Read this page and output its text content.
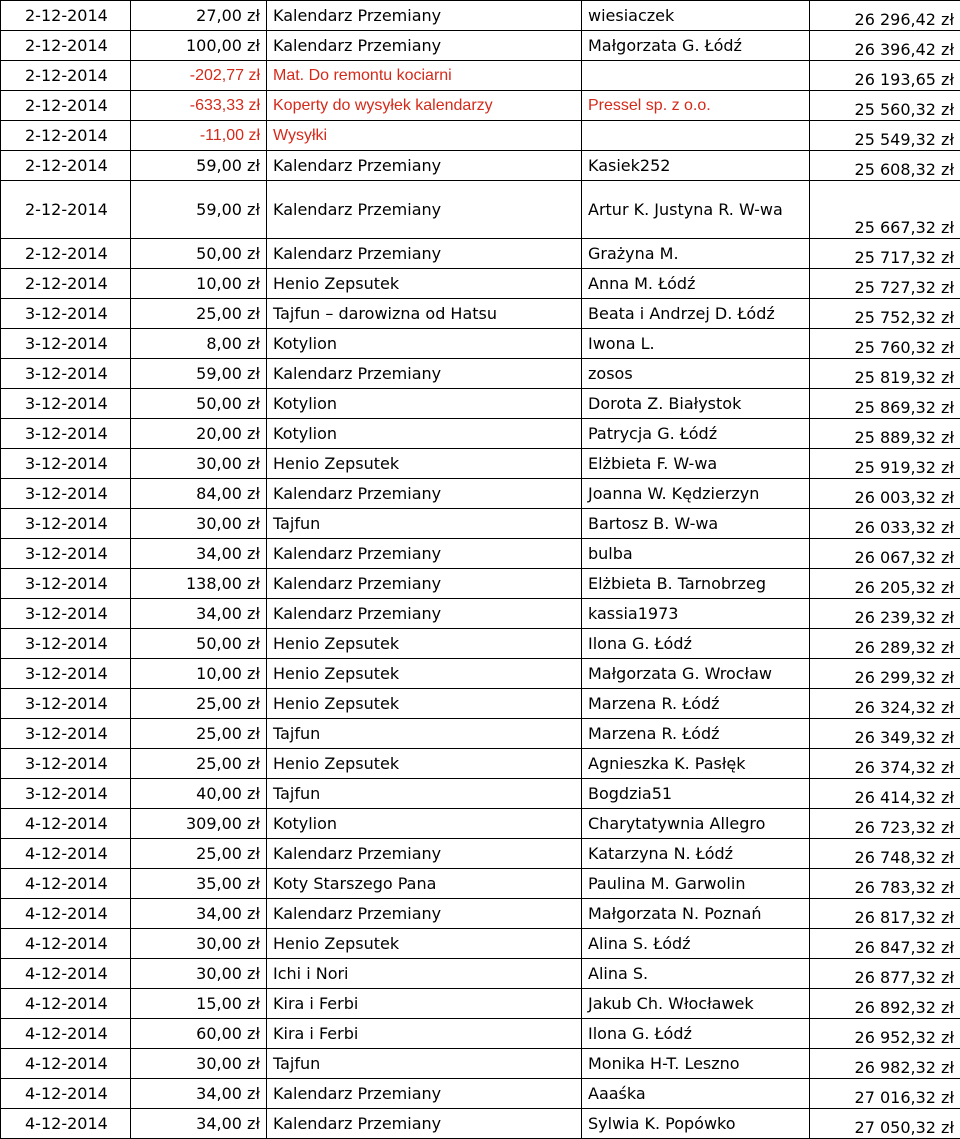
2-12-2014	27,00 zł	Kalendarz Przemiany	wiesiaczek	26 296,42 zł
2-12-2014	100,00 zł	Kalendarz Przemiany	Małgorzata G. Łódź	26 396,42 zł
2-12-2014	-202,77 zł	Mat. Do remontu kociarni		26 193,65 zł
2-12-2014	-633,33 zł	Koperty do wysyłek kalendarzy	Pressel sp. z o.o.	25 560,32 zł
2-12-2014	-11,00 zł	Wysyłki		25 549,32 zł
2-12-2014	59,00 zł	Kalendarz Przemiany	Kasiek252	25 608,32 zł
2-12-2014	59,00 zł	Kalendarz Przemiany	Artur K. Justyna R. W-wa	25 667,32 zł
2-12-2014	50,00 zł	Kalendarz Przemiany	Grażyna M.	25 717,32 zł
2-12-2014	10,00 zł	Henio Zepsutek	Anna M. Łódź	25 727,32 zł
3-12-2014	25,00 zł	Tajfun – darowizna od Hatsu	Beata i Andrzej D. Łódź	25 752,32 zł
3-12-2014	8,00 zł	Kotylion	Iwona L.	25 760,32 zł
3-12-2014	59,00 zł	Kalendarz Przemiany	zosos	25 819,32 zł
3-12-2014	50,00 zł	Kotylion	Dorota Z. Białystok	25 869,32 zł
3-12-2014	20,00 zł	Kotylion	Patrycja G. Łódź	25 889,32 zł
3-12-2014	30,00 zł	Henio Zepsutek	Elżbieta F. W-wa	25 919,32 zł
3-12-2014	84,00 zł	Kalendarz Przemiany	Joanna W. Kędzierzyn	26 003,32 zł
3-12-2014	30,00 zł	Tajfun	Bartosz B. W-wa	26 033,32 zł
3-12-2014	34,00 zł	Kalendarz Przemiany	bulba	26 067,32 zł
3-12-2014	138,00 zł	Kalendarz Przemiany	Elżbieta B. Tarnobrzeg	26 205,32 zł
3-12-2014	34,00 zł	Kalendarz Przemiany	kassia1973	26 239,32 zł
3-12-2014	50,00 zł	Henio Zepsutek	Ilona G. Łódź	26 289,32 zł
3-12-2014	10,00 zł	Henio Zepsutek	Małgorzata G. Wrocław	26 299,32 zł
3-12-2014	25,00 zł	Henio Zepsutek	Marzena R. Łódź	26 324,32 zł
3-12-2014	25,00 zł	Tajfun	Marzena R. Łódź	26 349,32 zł
3-12-2014	25,00 zł	Henio Zepsutek	Agnieszka K. Pasłęk	26 374,32 zł
3-12-2014	40,00 zł	Tajfun	Bogdzia51	26 414,32 zł
4-12-2014	309,00 zł	Kotylion	Charytatywnia Allegro	26 723,32 zł
4-12-2014	25,00 zł	Kalendarz Przemiany	Katarzyna N. Łódź	26 748,32 zł
4-12-2014	35,00 zł	Koty Starszego Pana	Paulina M. Garwolin	26 783,32 zł
4-12-2014	34,00 zł	Kalendarz Przemiany	Małgorzata N. Poznań	26 817,32 zł
4-12-2014	30,00 zł	Henio Zepsutek	Alina S. Łódź	26 847,32 zł
4-12-2014	30,00 zł	Ichi i Nori	Alina S.	26 877,32 zł
4-12-2014	15,00 zł	Kira i Ferbi	Jakub Ch. Włocławek	26 892,32 zł
4-12-2014	60,00 zł	Kira i Ferbi	Ilona G. Łódź	26 952,32 zł
4-12-2014	30,00 zł	Tajfun	Monika H-T. Leszno	26 982,32 zł
4-12-2014	34,00 zł	Kalendarz Przemiany	Aaaśka	27 016,32 zł
4-12-2014	34,00 zł	Kalendarz Przemiany	Sylwia K. Popówko	27 050,32 zł
